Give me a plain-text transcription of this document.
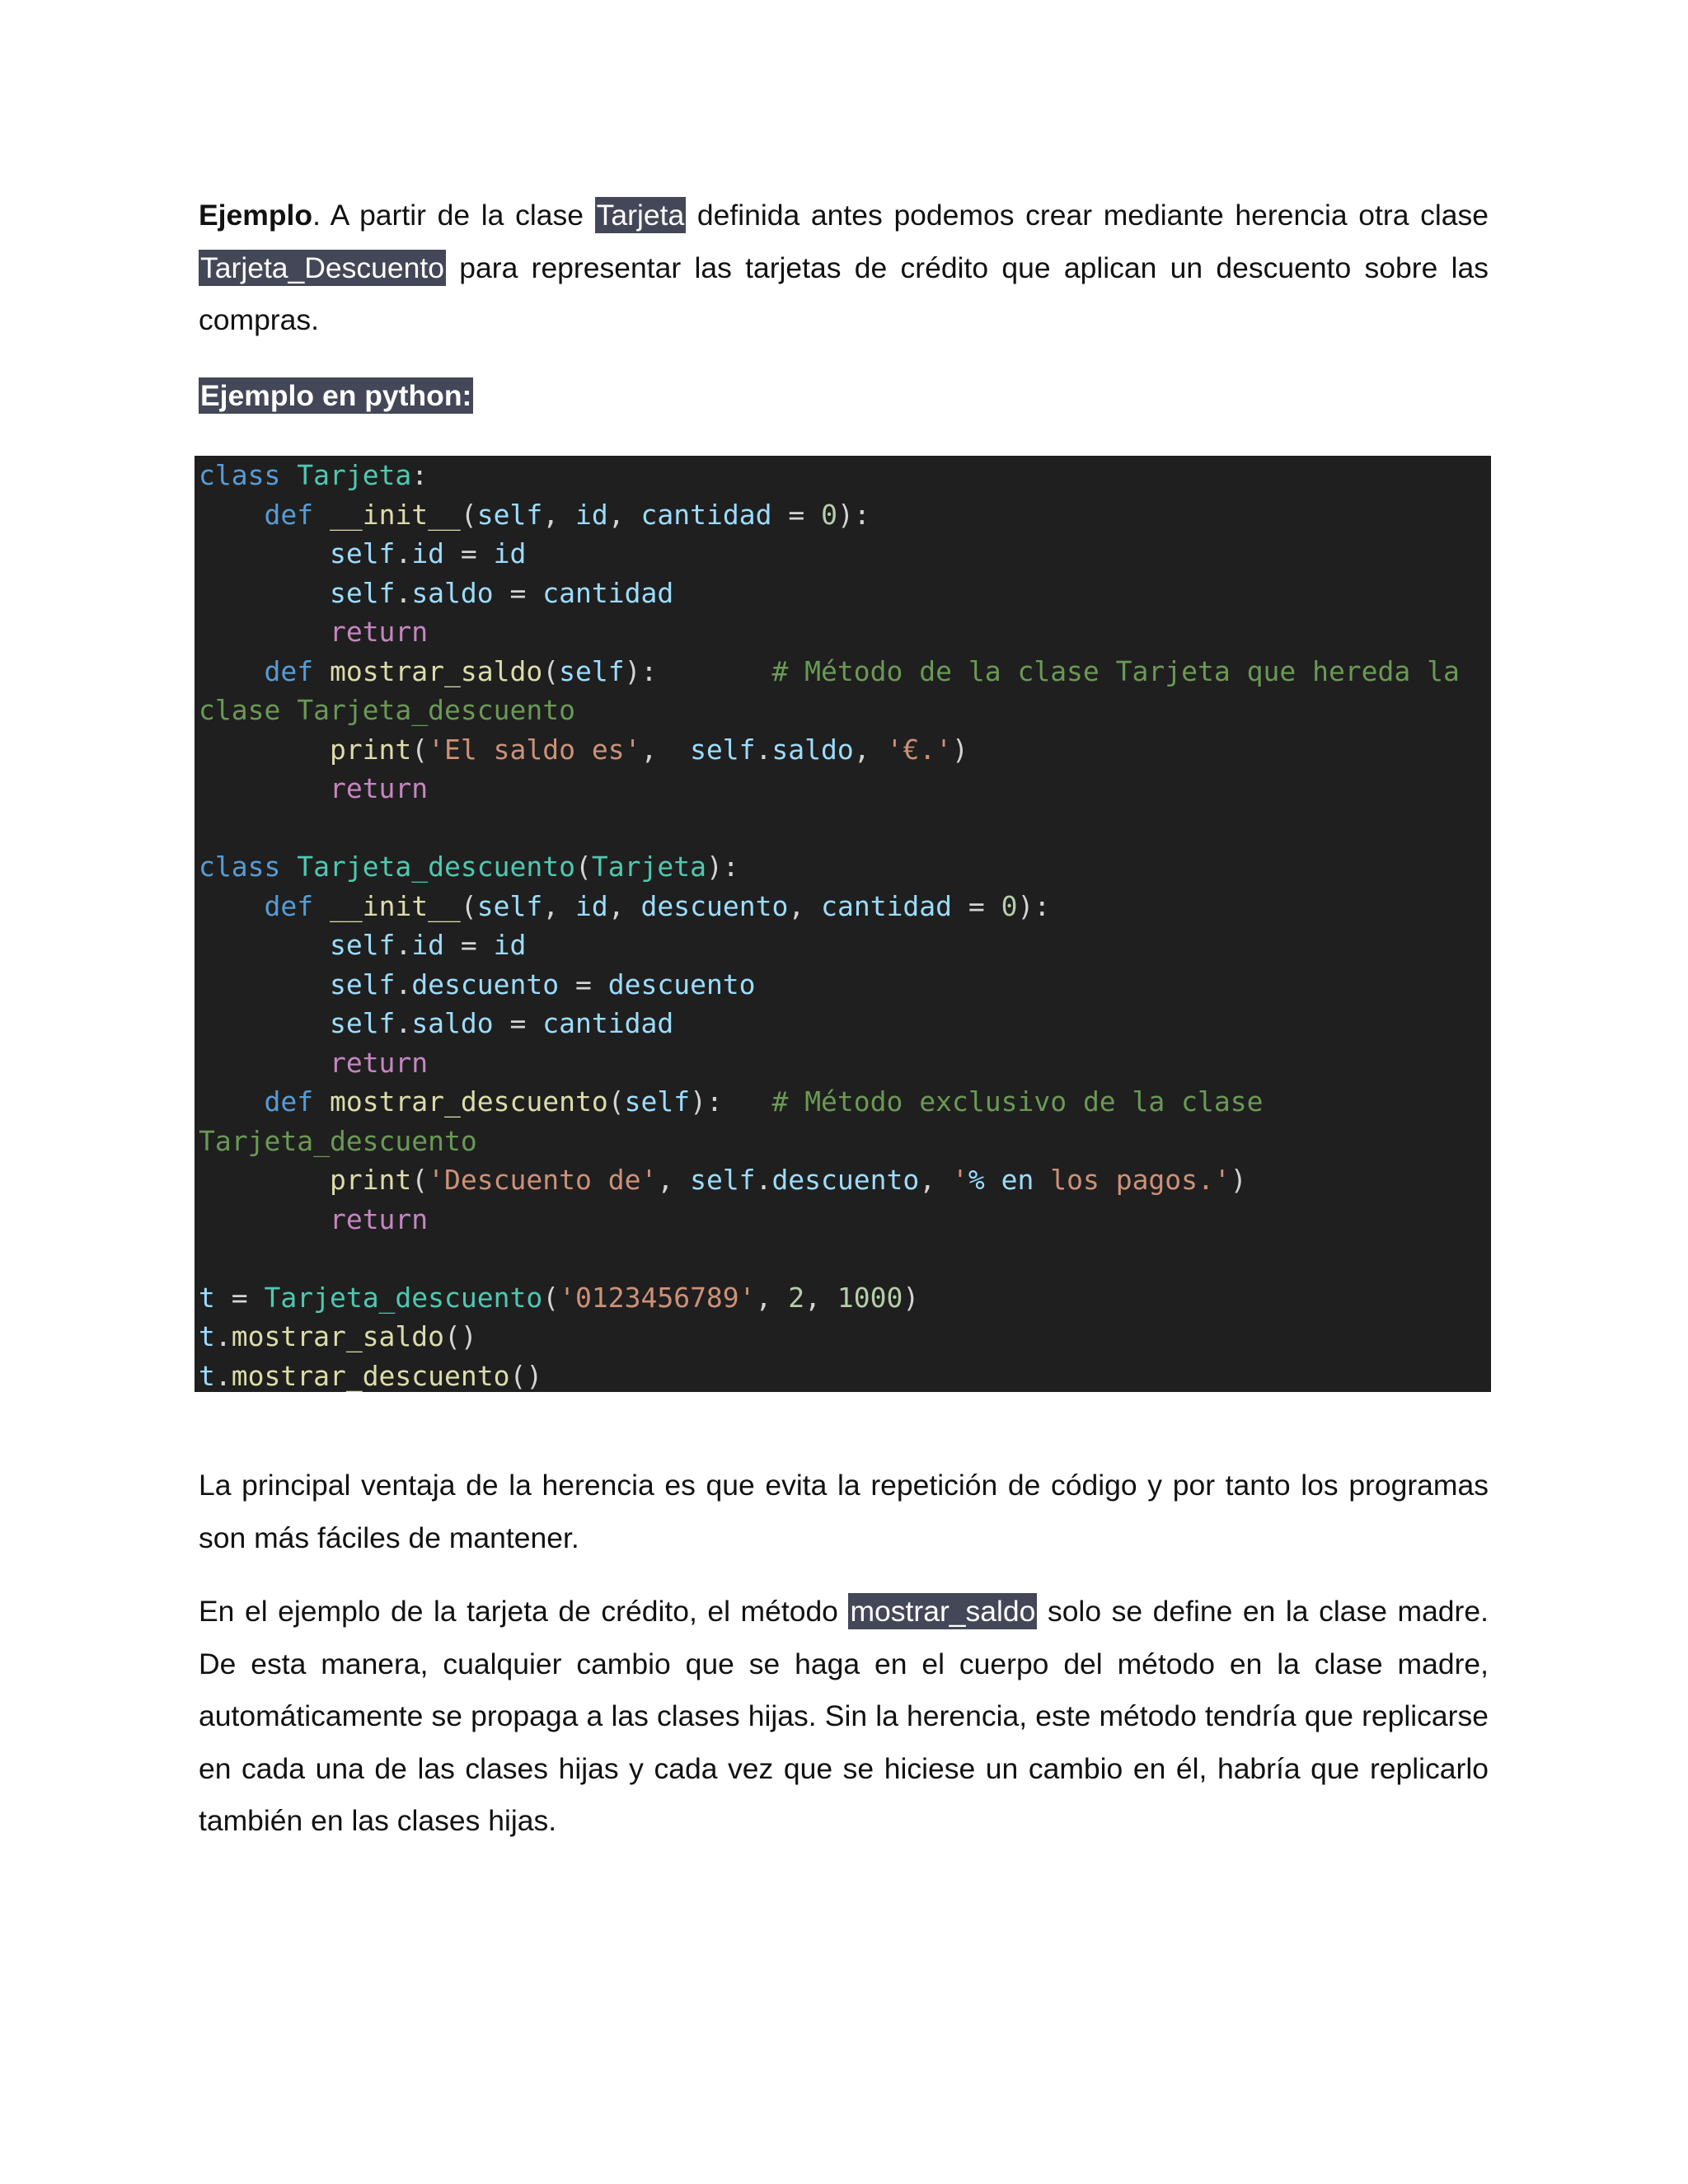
Ejemplo. A partir de la clase Tarjeta definida antes podemos crear mediante herencia otra clase Tarjeta_Descuento para representar las tarjetas de crédito que aplican un descuento sobre las compras.

Ejemplo en python:
class Tarjeta:
def __init__(self, id, cantidad = 0):
self.id = id
self.saldo = cantidad
return
def mostrar_saldo(self):	# Método de la clase Tarjeta que hereda la
clase Tarjeta_descuento
print('El saldo es',  self.saldo, '€.')
return

class Tarjeta_descuento(Tarjeta):
def __init__(self, id, descuento, cantidad = 0):
self.id = id
self.descuento = descuento
self.saldo = cantidad
return
def mostrar_descuento(self): # Método exclusivo de la clase
Tarjeta_descuento
print('Descuento de', self.descuento, '% en los pagos.')
return

t = Tarjeta_descuento('0123456789', 2, 1000)
t.mostrar_saldo()
t.mostrar_descuento()

La principal ventaja de la herencia es que evita la repetición de código y por tanto los programas son más fáciles de mantener.

En el ejemplo de la tarjeta de crédito, el método mostrar_saldo solo se define en la clase madre. De esta manera, cualquier cambio que se haga en el cuerpo del método en la clase madre, automáticamente se propaga a las clases hijas. Sin la herencia, este método tendría que replicarse en cada una de las clases hijas y cada vez que se hiciese un cambio en él, habría que replicarlo también en las clases hijas.
